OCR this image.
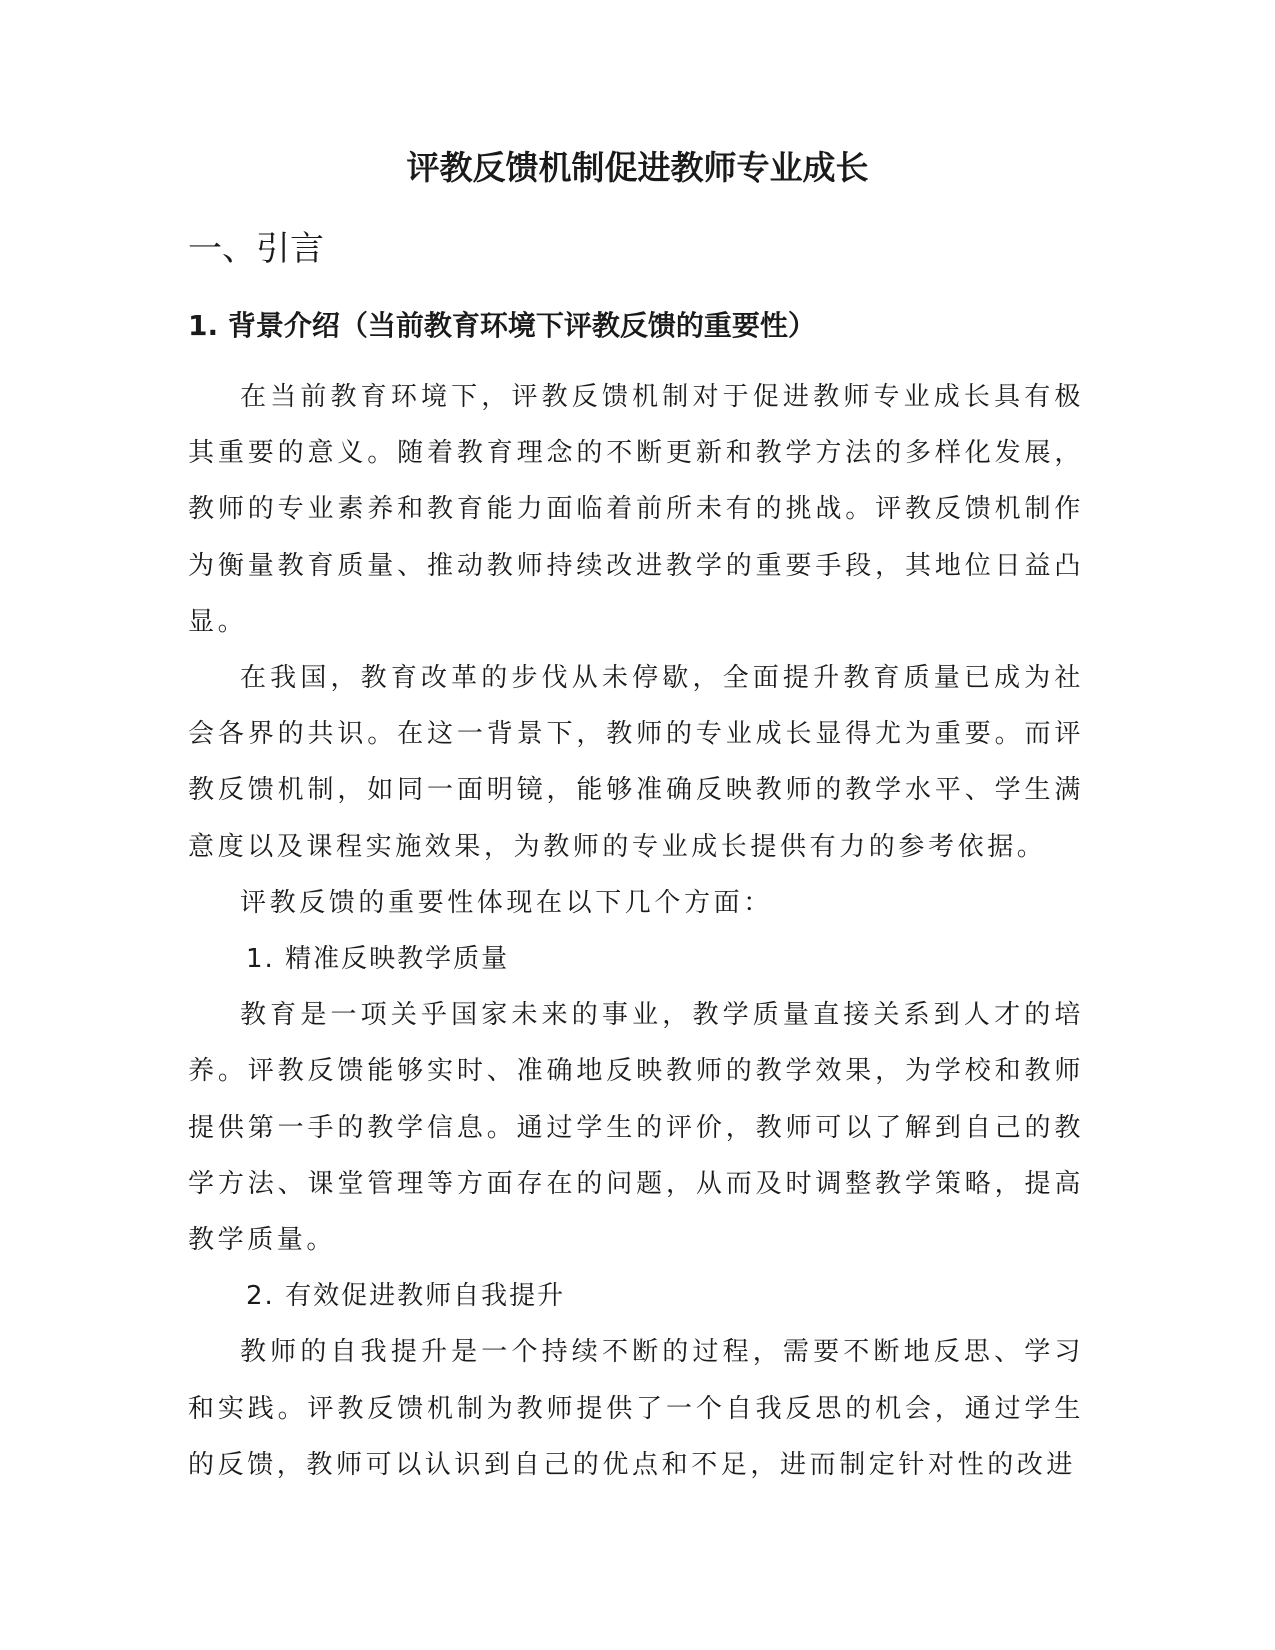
评教反馈机制促进教师专业成长
一、引言
1. 背景介绍（当前教育环境下评教反馈的重要性）

在当前教育环境下，评教反馈机制对于促进教师专业成长具有极其重要的意义。随着教育理念的不断更新和教学方法的多样化发展，教师的专业素养和教育能力面临着前所未有的挑战。评教反馈机制作为衡量教育质量、推动教师持续改进教学的重要手段，其地位日益凸显。

在我国，教育改革的步伐从未停歇，全面提升教育质量已成为社会各界的共识。在这一背景下，教师的专业成长显得尤为重要。而评教反馈机制，如同一面明镜，能够准确反映教师的教学水平、学生满意度以及课程实施效果，为教师的专业成长提供有力的参考依据。

评教反馈的重要性体现在以下几个方面：

1. 精准反映教学质量

教育是一项关乎国家未来的事业，教学质量直接关系到人才的培养。评教反馈能够实时、准确地反映教师的教学效果，为学校和教师提供第一手的教学信息。通过学生的评价，教师可以了解到自己的教学方法、课堂管理等方面存在的问题，从而及时调整教学策略，提高教学质量。

2. 有效促进教师自我提升

教师的自我提升是一个持续不断的过程，需要不断地反思、学习和实践。评教反馈机制为教师提供了一个自我反思的机会，通过学生的反馈，教师可以认识到自己的优点和不足，进而制定针对性的改进
